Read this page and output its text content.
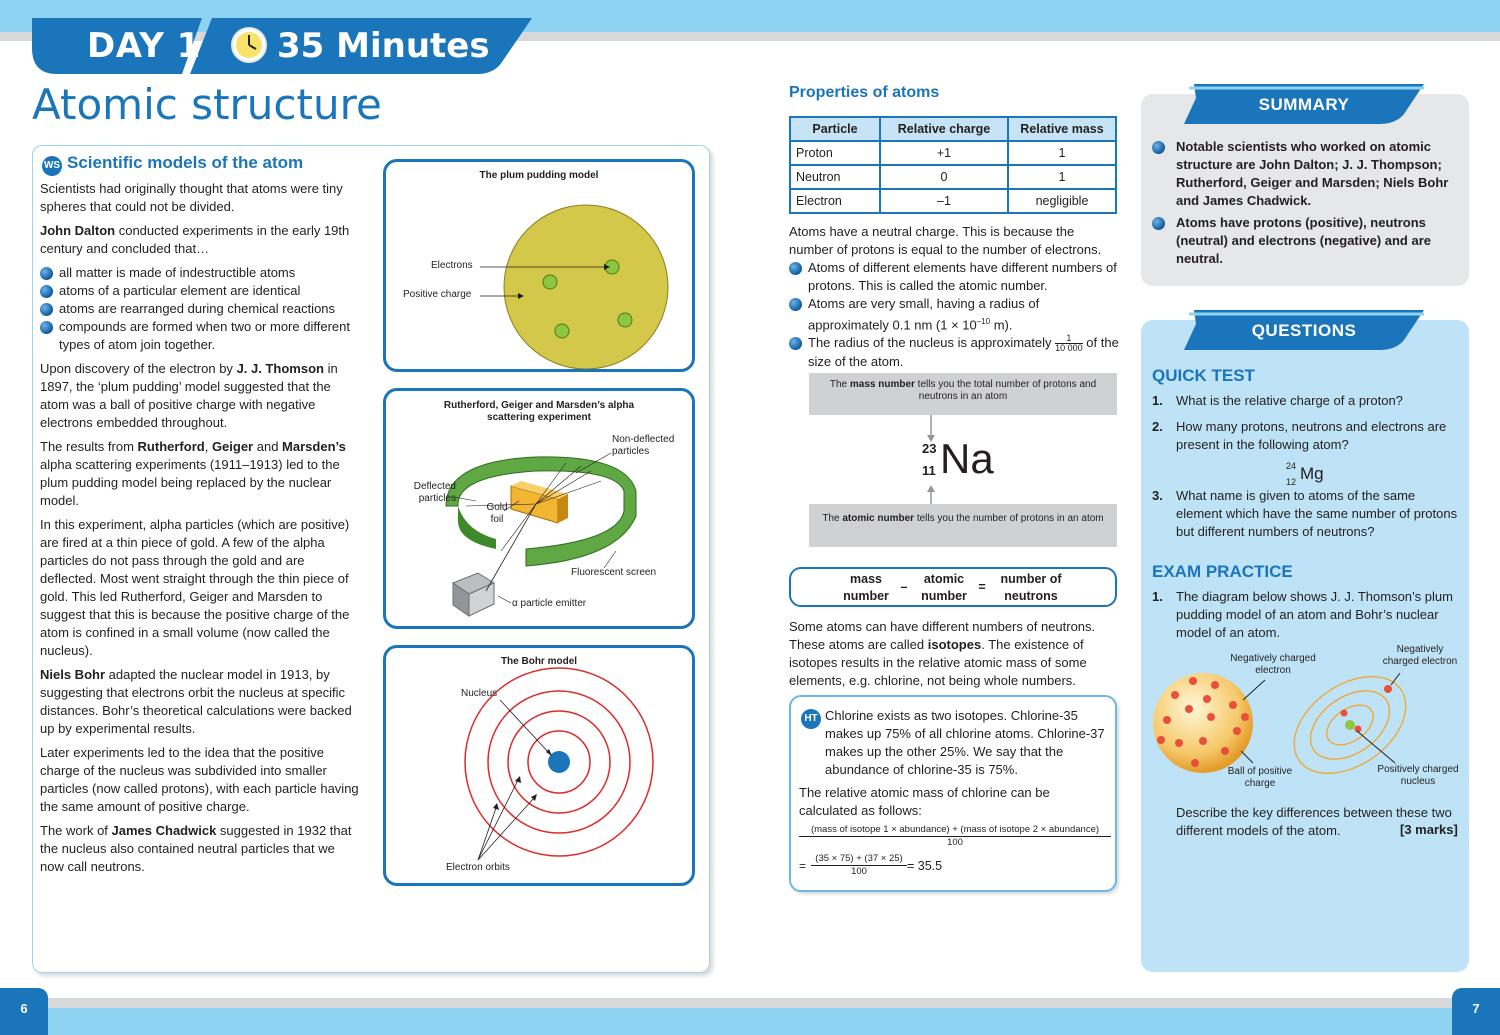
DAY 1 35 Minutes
Atomic structure
WS Scientific models of the atom

Scientists had originally thought that atoms were tiny spheres that could not be divided.

John Dalton conducted experiments in the early 19th century and concluded that…

all matter is made of indestructible atoms
atoms of a particular element are identical
atoms are rearranged during chemical reactions
compounds are formed when two or more different types of atom join together.

Upon discovery of the electron by J. J. Thomson in 1897, the ‘plum pudding’ model suggested that the atom was a ball of positive charge with negative electrons embedded throughout.

The results from Rutherford, Geiger and Marsden’s alpha scattering experiments (1911–1913) led to the plum pudding model being replaced by the nuclear model.

In this experiment, alpha particles (which are positive) are fired at a thin piece of gold. A few of the alpha particles do not pass through the gold and are deflected. Most went straight through the thin piece of gold. This led Rutherford, Geiger and Marsden to suggest that this is because the positive charge of the atom is confined in a small volume (now called the nucleus).

Niels Bohr adapted the nuclear model in 1913, by suggesting that electrons orbit the nucleus at specific distances. Bohr’s theoretical calculations were backed up by experimental results.

Later experiments led to the idea that the positive charge of the nucleus was subdivided into smaller particles (now called protons), with each particle having the same amount of positive charge.

The work of James Chadwick suggested in 1932 that the nucleus also contained neutral particles that we now call neutrons.

The plum pudding model
Electrons
Positive charge
Rutherford, Geiger and Marsden’s alpha scattering experiment
Non-deflected particles
Deflected particles
Gold foil
Fluorescent screen
α particle emitter
The Bohr model
Nucleus
Electron orbits
Properties of atoms
Particle	Relative charge	Relative mass
Proton	+1	1
Neutron	0	1
Electron	–1	negligible

Atoms have a neutral charge. This is because the number of protons is equal to the number of electrons.

Atoms of different elements have different numbers of protons. This is called the atomic number.
Atoms are very small, having a radius of approximately 0.1 nm ($1 \times 10^{-10}$ m).
The radius of the nucleus is approximately $\frac{1}{10 000}$ of the size of the atom.
The mass number tells you the total number of protons and neutrons in an atom
23
11 Na
The atomic number tells you the number of protons in an atom
mass number
–
atomic number
=
number of neutrons

Some atoms can have different numbers of neutrons. These atoms are called isotopes. The existence of isotopes results in the relative atomic mass of some elements, e.g. chlorine, not being whole numbers.

HT Chlorine exists as two isotopes. Chlorine-35 makes up 75% of all chlorine atoms. Chlorine-37 makes up the other 25%. We say that the abundance of chlorine-35 is 75%.
The relative atomic mass of chlorine can be calculated as follows:
(mass of isotope 1 × abundance) + (mass of isotope 2 × abundance)
100
=
(35 × 75) + (37 × 25)
100	= 35.5
SUMMARY
Notable scientists who worked on atomic structure are John Dalton; J. J. Thompson; Rutherford, Geiger and Marsden; Niels Bohr and James Chadwick.
Atoms have protons (positive), neutrons (neutral) and electrons (negative) and are neutral.
QUESTIONS
QUICK TEST
1. What is the relative charge of a proton?
2. How many protons, neutrons and electrons are present in the following atom?
24
12 Mg
3. What name is given to atoms of the same element which have the same number of protons but different numbers of neutrons?
EXAM PRACTICE
1. The diagram below shows J. J. Thomson’s plum pudding model of an atom and Bohr’s nuclear model of an atom.
Negatively charged electron
Negatively charged electron
Ball of positive charge
Positively charged nucleus
Describe the key differences between these two different models of the atom.	[3 marks]
6	7
